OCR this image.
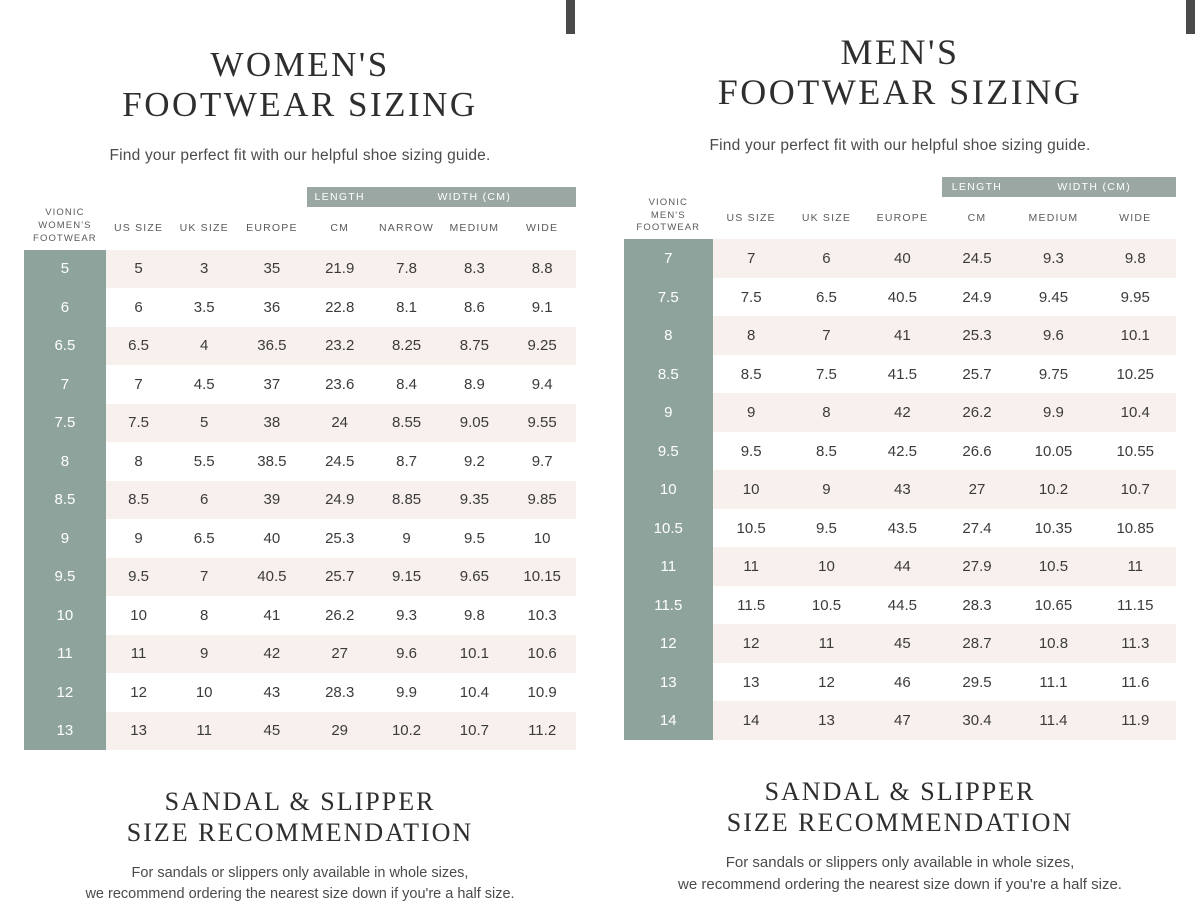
WOMEN'S
FOOTWEAR SIZING

Find your perfect fit with our helpful shoe sizing guide.

				LENGTH	WIDTH (CM)		

VIONIC
WOMEN'S
FOOTWEAR	US SIZE	UK SIZE	EUROPE	CM	NARROW	MEDIUM	WIDE
5	5	3	35	21.9	7.8	8.3	8.8
6	6	3.5	36	22.8	8.1	8.6	9.1
6.5	6.5	4	36.5	23.2	8.25	8.75	9.25
7	7	4.5	37	23.6	8.4	8.9	9.4
7.5	7.5	5	38	24	8.55	9.05	9.55
8	8	5.5	38.5	24.5	8.7	9.2	9.7
8.5	8.5	6	39	24.9	8.85	9.35	9.85
9	9	6.5	40	25.3	9	9.5	10
9.5	9.5	7	40.5	25.7	9.15	9.65	10.15
10	10	8	41	26.2	9.3	9.8	10.3
11	11	9	42	27	9.6	10.1	10.6
12	12	10	43	28.3	9.9	10.4	10.9
13	13	11	45	29	10.2	10.7	11.2
SANDAL & SLIPPER
SIZE RECOMMENDATION
For sandals or slippers only available in whole sizes,
we recommend ordering the nearest size down if you're a half size.
MEN'S
FOOTWEAR SIZING

Find your perfect fit with our helpful shoe sizing guide.

				LENGTH	WIDTH (CM)	

VIONIC
MEN'S
FOOTWEAR	US SIZE	UK SIZE	EUROPE	CM	MEDIUM	WIDE
7	7	6	40	24.5	9.3	9.8
7.5	7.5	6.5	40.5	24.9	9.45	9.95
8	8	7	41	25.3	9.6	10.1
8.5	8.5	7.5	41.5	25.7	9.75	10.25
9	9	8	42	26.2	9.9	10.4
9.5	9.5	8.5	42.5	26.6	10.05	10.55
10	10	9	43	27	10.2	10.7
10.5	10.5	9.5	43.5	27.4	10.35	10.85
11	11	10	44	27.9	10.5	11
11.5	11.5	10.5	44.5	28.3	10.65	11.15
12	12	11	45	28.7	10.8	11.3
13	13	12	46	29.5	11.1	11.6
14	14	13	47	30.4	11.4	11.9
SANDAL & SLIPPER
SIZE RECOMMENDATION
For sandals or slippers only available in whole sizes,
we recommend ordering the nearest size down if you're a half size.
